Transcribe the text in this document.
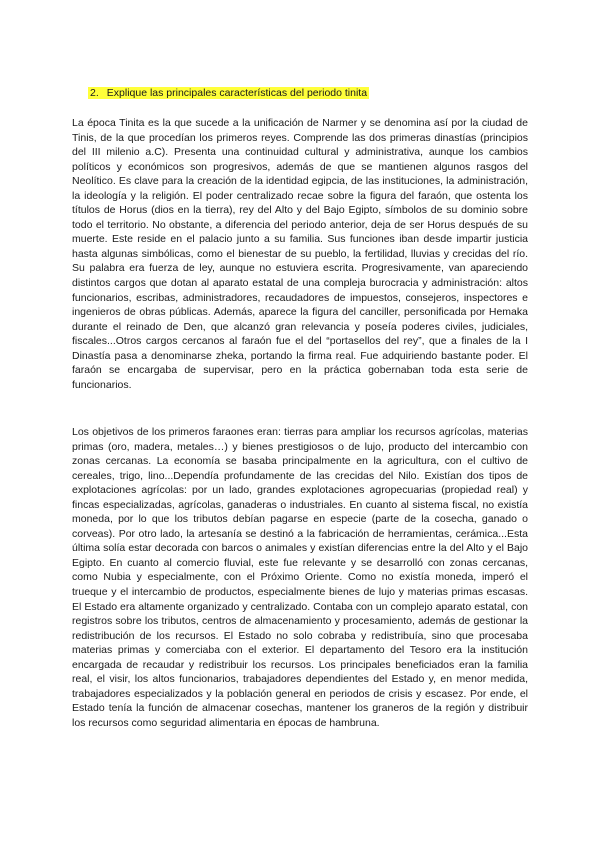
2. Explique las principales características del periodo tinita

La época Tinita es la que sucede a la unificación de Narmer y se denomina así por la ciudad de Tinis, de la que procedían los primeros reyes. Comprende las dos primeras dinastías (principios del III milenio a.C). Presenta una continuidad cultural y administrativa, aunque los cambios políticos y económicos son progresivos, además de que se mantienen algunos rasgos del Neolítico. Es clave para la creación de la identidad egipcia, de las instituciones, la administración, la ideología y la religión. El poder centralizado recae sobre la figura del faraón, que ostenta los títulos de Horus (dios en la tierra), rey del Alto y del Bajo Egipto, símbolos de su dominio sobre todo el territorio. No obstante, a diferencia del periodo anterior, deja de ser Horus después de su muerte. Este reside en el palacio junto a su familia. Sus funciones iban desde impartir justicia hasta algunas simbólicas, como el bienestar de su pueblo, la fertilidad, lluvias y crecidas del río. Su palabra era fuerza de ley, aunque no estuviera escrita. Progresivamente, van apareciendo distintos cargos que dotan al aparato estatal de una compleja burocracia y administración: altos funcionarios, escribas, administradores, recaudadores de impuestos, consejeros, inspectores e ingenieros de obras públicas. Además, aparece la figura del canciller, personificada por Hemaka durante el reinado de Den, que alcanzó gran relevancia y poseía poderes civiles, judiciales, fiscales...Otros cargos cercanos al faraón fue el del “portasellos del rey”, que a finales de la I Dinastía pasa a denominarse zheka, portando la firma real. Fue adquiriendo bastante poder. El faraón se encargaba de supervisar, pero en la práctica gobernaban toda esta serie de funcionarios.

Los objetivos de los primeros faraones eran: tierras para ampliar los recursos agrícolas, materias primas (oro, madera, metales…) y bienes prestigiosos o de lujo, producto del intercambio con zonas cercanas. La economía se basaba principalmente en la agricultura, con el cultivo de cereales, trigo, lino...Dependía profundamente de las crecidas del Nilo. Existían dos tipos de explotaciones agrícolas: por un lado, grandes explotaciones agropecuarias (propiedad real) y fincas especializadas, agrícolas, ganaderas o industriales. En cuanto al sistema fiscal, no existía moneda, por lo que los tributos debían pagarse en especie (parte de la cosecha, ganado o corveas). Por otro lado, la artesanía se destinó a la fabricación de herramientas, cerámica...Esta última solía estar decorada con barcos o animales y existían diferencias entre la del Alto y el Bajo Egipto. En cuanto al comercio fluvial, este fue relevante y se desarrolló con zonas cercanas, como Nubia y especialmente, con el Próximo Oriente. Como no existía moneda, imperó el trueque y el intercambio de productos, especialmente bienes de lujo y materias primas escasas. El Estado era altamente organizado y centralizado. Contaba con un complejo aparato estatal, con registros sobre los tributos, centros de almacenamiento y procesamiento, además de gestionar la redistribución de los recursos. El Estado no solo cobraba y redistribuía, sino que procesaba materias primas y comerciaba con el exterior. El departamento del Tesoro era la institución encargada de recaudar y redistribuir los recursos. Los principales beneficiados eran la familia real, el visir, los altos funcionarios, trabajadores dependientes del Estado y, en menor medida, trabajadores especializados y la población general en periodos de crisis y escasez. Por ende, el Estado tenía la función de almacenar cosechas, mantener los graneros de la región y distribuir los recursos como seguridad alimentaria en épocas de hambruna.
